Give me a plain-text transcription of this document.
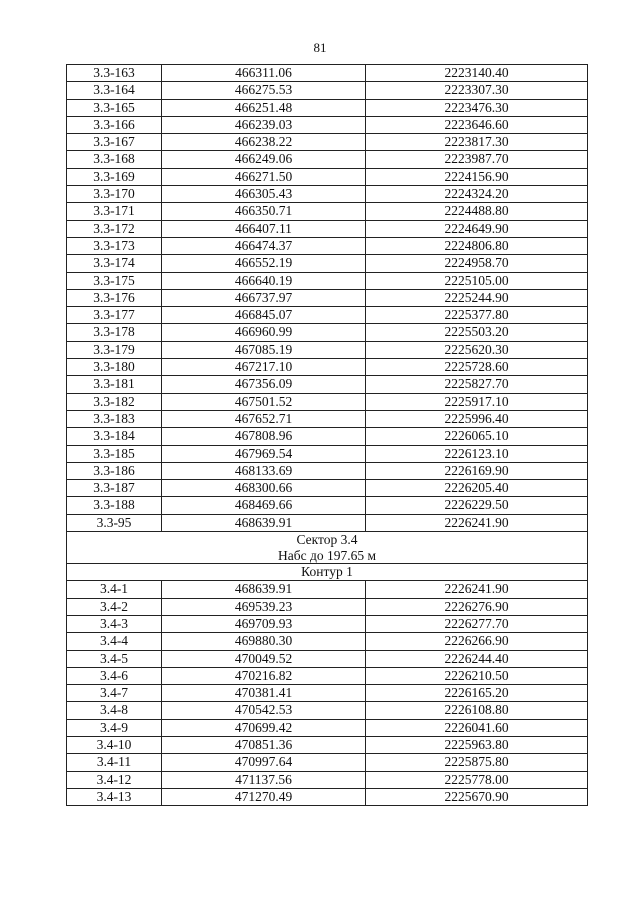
81
3.3-163	466311.06	2223140.40
3.3-164	466275.53	2223307.30
3.3-165	466251.48	2223476.30
3.3-166	466239.03	2223646.60
3.3-167	466238.22	2223817.30
3.3-168	466249.06	2223987.70
3.3-169	466271.50	2224156.90
3.3-170	466305.43	2224324.20
3.3-171	466350.71	2224488.80
3.3-172	466407.11	2224649.90
3.3-173	466474.37	2224806.80
3.3-174	466552.19	2224958.70
3.3-175	466640.19	2225105.00
3.3-176	466737.97	2225244.90
3.3-177	466845.07	2225377.80
3.3-178	466960.99	2225503.20
3.3-179	467085.19	2225620.30
3.3-180	467217.10	2225728.60
3.3-181	467356.09	2225827.70
3.3-182	467501.52	2225917.10
3.3-183	467652.71	2225996.40
3.3-184	467808.96	2226065.10
3.3-185	467969.54	2226123.10
3.3-186	468133.69	2226169.90
3.3-187	468300.66	2226205.40
3.3-188	468469.66	2226229.50
3.3-95	468639.91	2226241.90

Сектор 3.4
Набс до 197.65 м		

Контур 1		
3.4-1	468639.91	2226241.90
3.4-2	469539.23	2226276.90
3.4-3	469709.93	2226277.70
3.4-4	469880.30	2226266.90
3.4-5	470049.52	2226244.40
3.4-6	470216.82	2226210.50
3.4-7	470381.41	2226165.20
3.4-8	470542.53	2226108.80
3.4-9	470699.42	2226041.60
3.4-10	470851.36	2225963.80
3.4-11	470997.64	2225875.80
3.4-12	471137.56	2225778.00
3.4-13	471270.49	2225670.90
